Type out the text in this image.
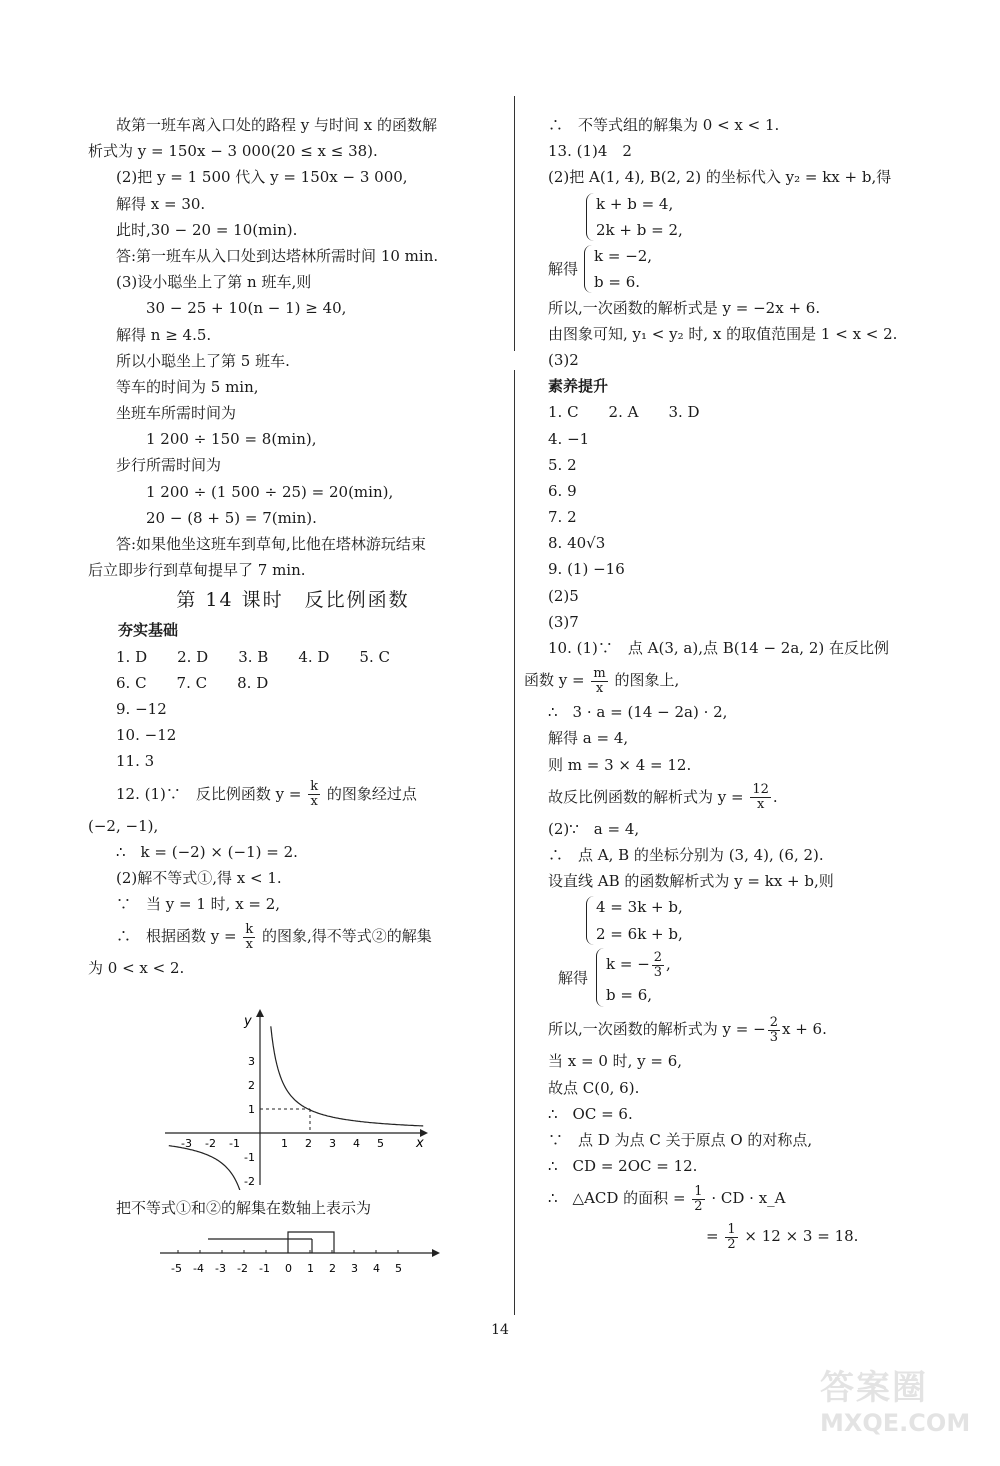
故第一班车离入口处的路程 y 与时间 x 的函数解
析式为 y = 150x − 3 000(20 ≤ x ≤ 38).
(2)把 y = 1 500 代入 y = 150x − 3 000,
解得 x = 30.
此时,30 − 20 = 10(min).
答:第一班车从入口处到达塔林所需时间 10 min.
(3)设小聪坐上了第 n 班车,则
30 − 25 + 10(n − 1) ≥ 40,
解得 n ≥ 4.5.
所以小聪坐上了第 5 班车.
等车的时间为 5 min,
坐班车所需时间为
1 200 ÷ 150 = 8(min),
步行所需时间为
1 200 ÷ (1 500 ÷ 25) = 20(min),
20 − (8 + 5) = 7(min).
答:如果他坐这班车到草甸,比他在塔林游玩结束
后立即步行到草甸提早了 7 min.
第 14 课时　反比例函数
夯实基础
1. D　　2. D　　3. B　　4. D　　5. C
6. C　　7. C　　8. D
9. −12
10. −12
11. 3
12. (1)∵　反比例函数 $y = \frac{k}{x}$ 的图象经过点
(−2, −1),
∴　k = (−2) × (−1) = 2.
(2)解不等式①,得 x < 1.
∵　当 y = 1 时, x = 2,
∴　根据函数 $y = \frac{k}{x}$ 的图象,得不等式②的解集
为 0 < x < 2.
y
x
-3 -2 -1	1 2 3 4 5
3
2
1
-1
-2
把不等式①和②的解集在数轴上表示为
-5 -4 -3 -2 -1 0 1 2 3 4 5
∴　不等式组的解集为 0 < x < 1.
13. (1)4　2
(2)把 A(1, 4), B(2, 2) 的坐标代入 y₂ = kx + b,得
k + b = 4,
2k + b = 2,
解得
k = −2,
b = 6.
所以,一次函数的解析式是 y = −2x + 6.
由图象可知, y₁ < y₂ 时, x 的取值范围是 1 < x < 2.
(3)2
素养提升
1. C　　2. A　　3. D
4. −1
5. 2
6. 9
7. 2
8. 40√3
9. (1) −16
(2)5
(3)7
10. (1)∵　点 A(3, a),点 B(14 − 2a, 2) 在反比例
函数 $y = \frac{m}{x}$ 的图象上,
∴　3 · a = (14 − 2a) · 2,
解得 a = 4,
则 m = 3 × 4 = 12.
故反比例函数的解析式为 $y = \frac{12}{x}$ .
(2)∵　a = 4,
∴　点 A, B 的坐标分别为 (3, 4), (6, 2).
设直线 AB 的函数解析式为 y = kx + b,则
4 = 3k + b,
2 = 6k + b,
解得
k = − $\frac{2}{3}$ ,
b = 6,
所以,一次函数的解析式为 y = − $\frac{2}{3}$ x + 6.
当 x = 0 时, y = 6,
故点 C(0, 6).
∴　OC = 6.
∵　点 D 为点 C 关于原点 O 的对称点,
∴　CD = 2OC = 12.
∴　△ACD 的面积 = $\frac{1}{2}$ · CD · x_A
= $\frac{1}{2} \times 12 \times 3 = 18$.
14
答案圈
MXQE.COM
